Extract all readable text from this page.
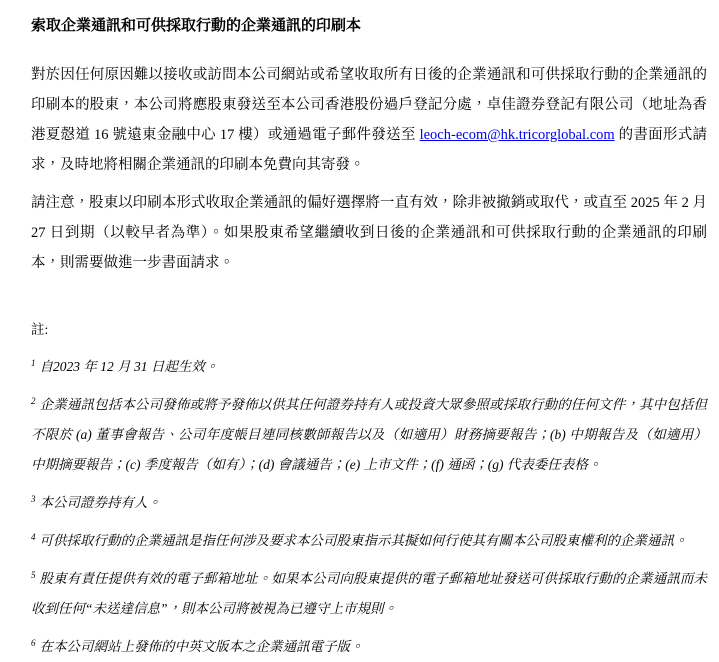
索取企業通訊和可供採取行動的企業通訊的印刷本

對於因任何原因難以接收或訪問本公司網站或希望收取所有日後的企業通訊和可供採取行動的企業通訊的印刷本的股東，本公司將應股東發送至本公司香港股份過戶登記分處，卓佳證券登記有限公司（地址為香港夏慤道 16 號遠東金融中心 17 樓）或通過電子郵件發送至 leoch-ecom@hk.tricorglobal.com 的書面形式請求，及時地將相關企業通訊的印刷本免費向其寄發。

請注意，股東以印刷本形式收取企業通訊的偏好選擇將一直有效，除非被撤銷或取代，或直至 2025 年 2 月 27 日到期（以較早者為準）。如果股東希望繼續收到日後的企業通訊和可供採取行動的企業通訊的印刷本，則需要做進一步書面請求。

註:

$^1$ 自2023 年 12 月 31 日起生效。

$^2$ 企業通訊包括本公司發佈或將予發佈以供其任何證券持有人或投資大眾參照或採取行動的任何文件，其中包括但不限於 (a) 董事會報告、公司年度帳目連同核數師報告以及（如適用）財務摘要報告；(b) 中期報告及（如適用）中期摘要報告；(c) 季度報告（如有）；(d) 會議通告；(e) 上市文件；(f) 通函；(g) 代表委任表格。

$^3$ 本公司證券持有人。

$^4$ 可供採取行動的企業通訊是指任何涉及要求本公司股東指示其擬如何行使其有關本公司股東權利的企業通訊。

$^5$ 股東有責任提供有效的電子郵箱地址。如果本公司向股東提供的電子郵箱地址發送可供採取行動的企業通訊而未收到任何“未送達信息”，則本公司將被視為已遵守上市規則。

$^6$ 在本公司網站上發佈的中英文版本之企業通訊電子版。
